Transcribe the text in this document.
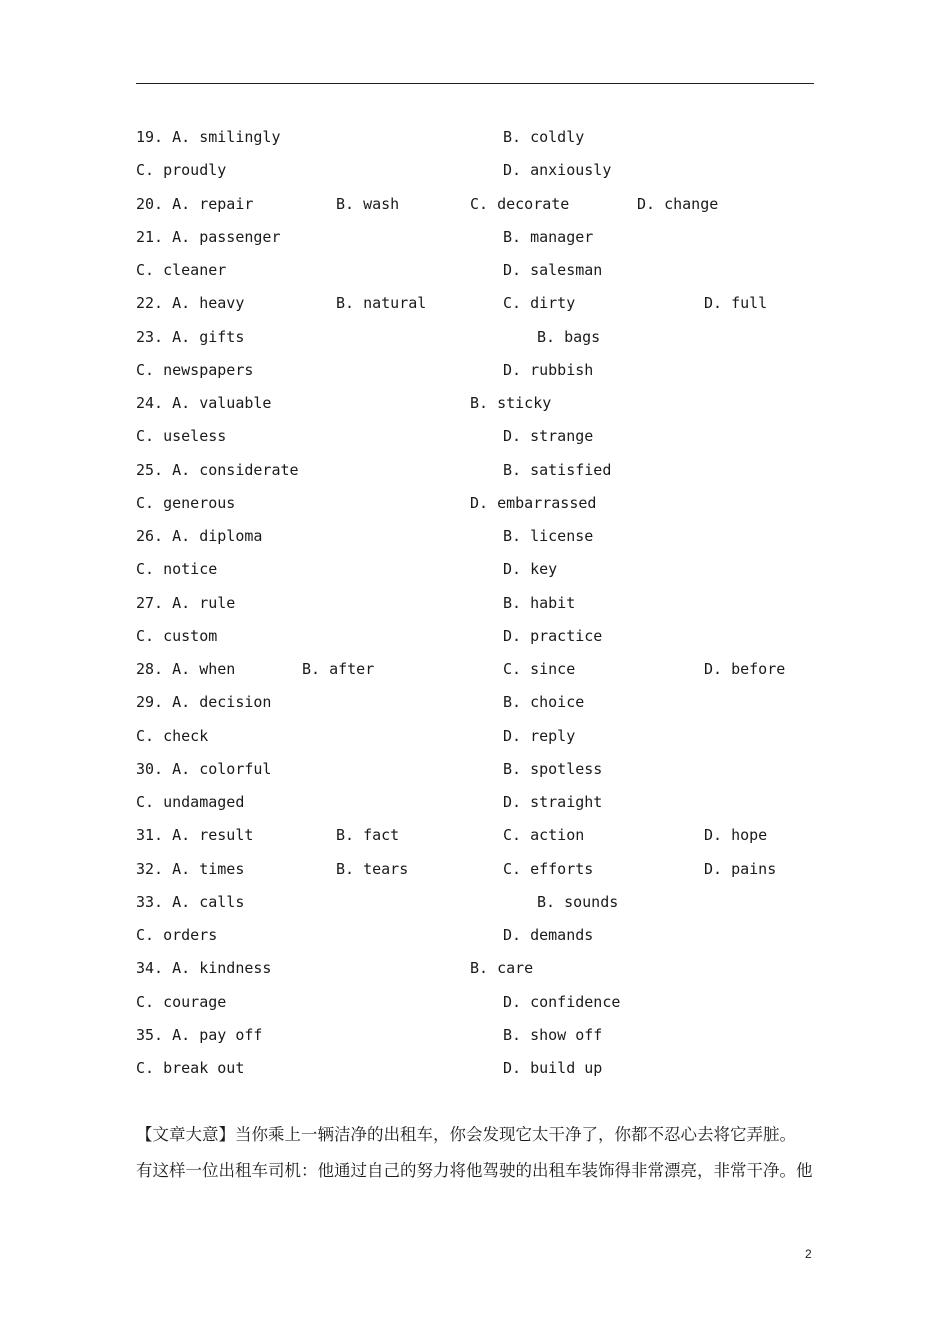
19. A. smilingly	B. coldly
C. proudly	D. anxiously
20. A. repair	B. wash	C. decorate	D. change
21. A. passenger	B. manager
C. cleaner	D. salesman
22. A. heavy	B. natural	C. dirty	D. full
23. A. gifts	B. bags
C. newspapers	D. rubbish
24. A. valuable	B. sticky
C. useless	D. strange
25. A. considerate	B. satisfied
C. generous	D. embarrassed
26. A. diploma	B. license
C. notice	D. key
27. A. rule	B. habit
C. custom	D. practice
28. A. when	B. after	C. since	D. before
29. A. decision	B. choice
C. check	D. reply
30. A. colorful	B. spotless
C. undamaged	D. straight
31. A. result	B. fact	C. action	D. hope
32. A. times	B. tears	C. efforts	D. pains
33. A. calls	B. sounds
C. orders	D. demands
34. A. kindness	B. care
C. courage	D. confidence
35. A. pay off	B. show off
C. break out	D. build up
【文章大意】当你乘上一辆洁净的出租车，你会发现它太干净了，你都不忍心去将它弄脏。
有这样一位出租车司机：他通过自己的努力将他驾驶的出租车装饰得非常漂亮，非常干净。他
2
